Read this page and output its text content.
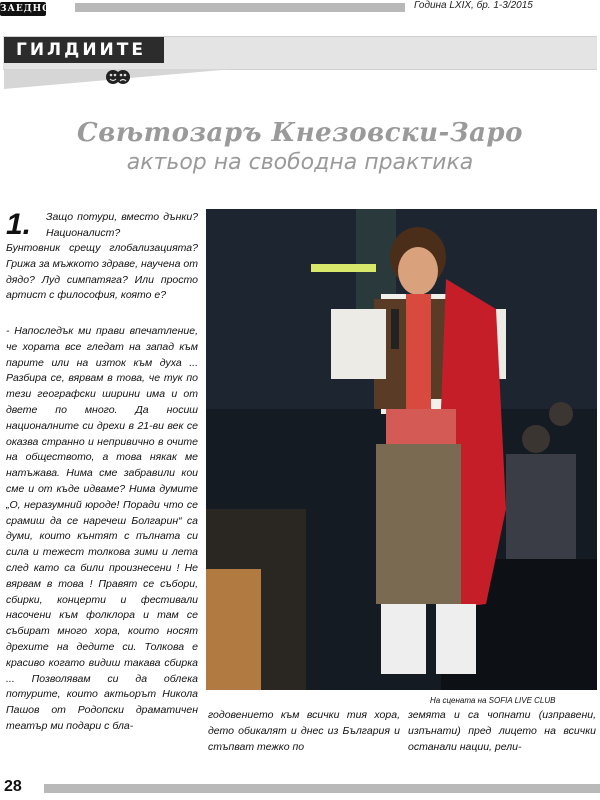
ЗАЕДНО	Година LXIX, бр. 1-3/2015
ГИЛДИИТЕ
Свѣтозаръ Кнезовски-Заро
актьор на свободна практика
1. Защо потури, вместо дънки? Националист?
Бунтовник срещу глобализацията? Грижа за мъжкото здраве, научена от дядо? Луд симпатяга? Или просто артист с философия, която е?
- Напоследък ми прави впечатление, че хората все гледат на запад към парите или на изток към духа ... Разбира се, вярвам в това, че тук по тези географски ширини има и от двете по много. Да носиш националните си дрехи в 21-ви век се оказва странно и непривично в очите на обществото, а това някак ме натъжава. Нима сме забравили кои сме и от къде идваме? Нима думите „О, неразумний юроде! Поради что се срамиш да се наречеш Болгарин“ са думи, които кънтят с пълната си сила и тежест толкова зими и лета след като са били произнесени ! Не вярвам в това ! Правят се събори, сбирки, концерти и фестивали насочени към фолклора и там се събират много хора, които носят дрехите на дедите си. Толкова е красиво когато видиш такава сбирка ... Позволявам си да облека потурите, които актьорът Никола Пашов от Родопски драматичен театър ми подари с бла-
На сцената на SOFIA LIVE CLUB
годовението към всички тия хора, дето обикалят и днес из България и стъпват тежко по
земята и са чопнати (изправени, изпънати) пред лицето на всички останали нации, рели-
28
